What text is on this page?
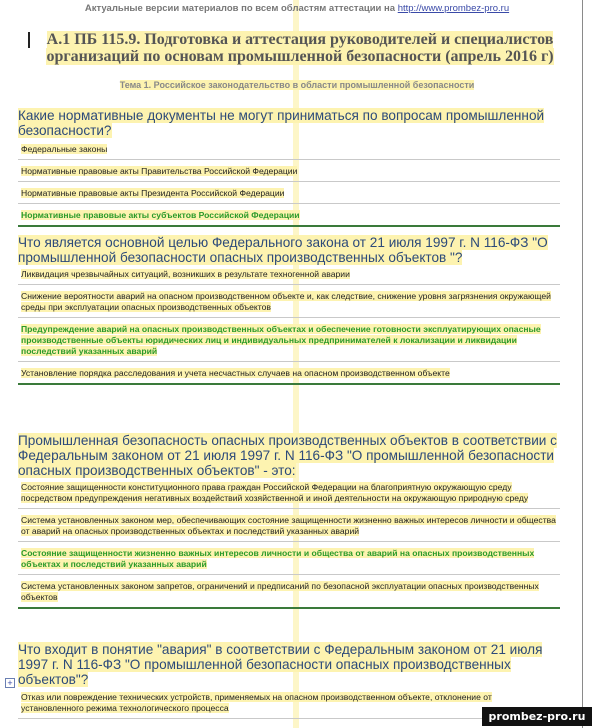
Актуальные версии материалов по всем областям аттестации на http://www.prombez-pro.ru
А.1 ПБ 115.9. Подготовка и аттестация руководителей и специалистов организаций по основам промышленной безопасности (апрель 2016 г)
Тема 1. Российское законодательство в области промышленной безопасности
Какие нормативные документы не могут приниматься по вопросам промышленной безопасности?
Федеральные законы
Нормативные правовые акты Правительства Российской Федерации
Нормативные правовые акты Президента Российской Федерации
Нормативные правовые акты субъектов Российской Федерации
Что является основной целью Федерального закона от 21 июля 1997 г. N 116-ФЗ "О промышленной безопасности опасных производственных объектов "?
Ликвидация чрезвычайных ситуаций, возникших в результате техногенной аварии
Снижение вероятности аварий на опасном производственном объекте и, как следствие, снижение уровня загрязнения окружающей среды при эксплуатации опасных производственных объектов
Предупреждение аварий на опасных производственных объектах и обеспечение готовности эксплуатирующих опасные производственные объекты юридических лиц и индивидуальных предпринимателей к локализации и ликвидации последствий указанных аварий
Установление порядка расследования и учета несчастных случаев на опасном производственном объекте
Промышленная безопасность опасных производственных объектов в соответствии с Федеральным законом от 21 июля 1997 г. N 116-ФЗ "О промышленной безопасности опасных производственных объектов" - это:
Состояние защищенности конституционного права граждан Российской Федерации на благоприятную окружающую среду посредством предупреждения негативных воздействий хозяйственной и иной деятельности на окружающую природную среду
Система установленных законом мер, обеспечивающих состояние защищенности жизненно важных интересов личности и общества от аварий на опасных производственных объектах и последствий указанных аварий
Состояние защищенности жизненно важных интересов личности и общества от аварий на опасных производственных объектах и последствий указанных аварий
Система установленных законом запретов, ограничений и предписаний по безопасной эксплуатации опасных производственных объектов
Что входит в понятие "авария" в соответствии с Федеральным законом от 21 июля 1997 г. N 116-ФЗ "О промышленной безопасности опасных производственных объектов"?
Отказ или повреждение технических устройств, применяемых на опасном производственном объекте, отклонение от установленного режима технологического процесса
+
prombez-pro.ru
